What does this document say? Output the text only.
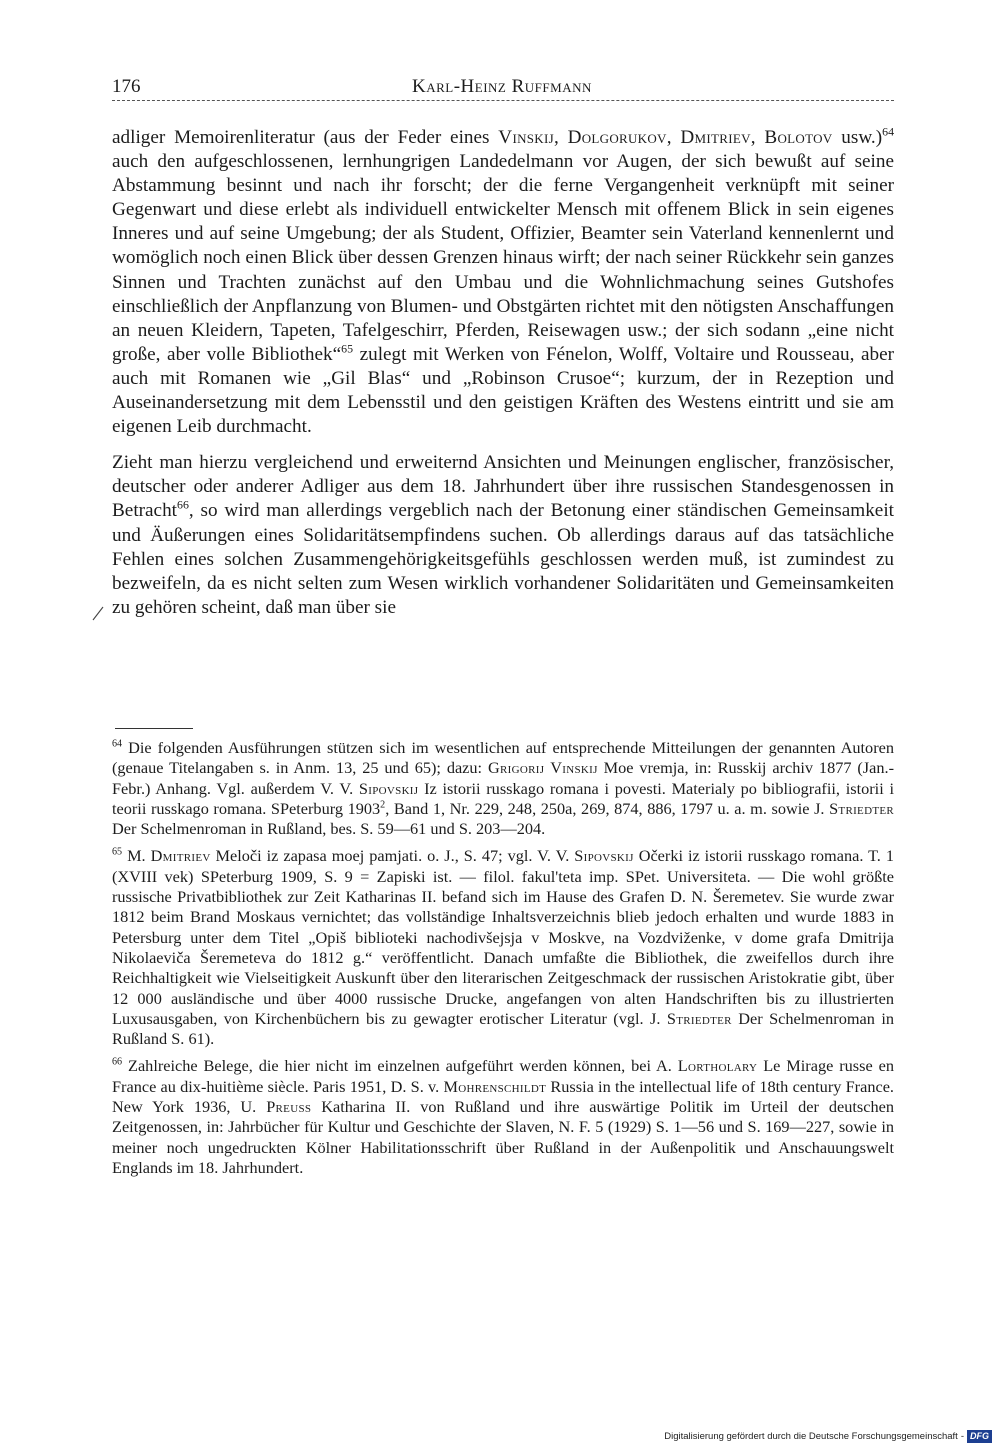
176	Karl-Heinz Ruffmann

adliger Memoirenliteratur (aus der Feder eines Vinskij, Dolgorukov, Dmitriev, Bolotov usw.)$^{64}$ auch den aufgeschlossenen, lernhungrigen Landedelmann vor Augen, der sich bewußt auf seine Abstammung besinnt und nach ihr forscht; der die ferne Vergangenheit verknüpft mit seiner Gegenwart und diese erlebt als individuell entwickelter Mensch mit offenem Blick in sein eigenes Inneres und auf seine Umgebung; der als Student, Offizier, Beamter sein Vaterland kennenlernt und womöglich noch einen Blick über dessen Grenzen hinaus wirft; der nach seiner Rückkehr sein ganzes Sinnen und Trachten zunächst auf den Umbau und die Wohnlichmachung seines Gutshofes einschließlich der Anpflanzung von Blumen- und Obstgärten richtet mit den nötigsten Anschaffungen an neuen Kleidern, Tapeten, Tafelgeschirr, Pferden, Reisewagen usw.; der sich sodann „eine nicht große, aber volle Bibliothek“$^{65}$ zulegt mit Werken von Fénelon, Wolff, Voltaire und Rousseau, aber auch mit Romanen wie „Gil Blas“ und „Robinson Crusoe“; kurzum, der in Rezeption und Auseinandersetzung mit dem Lebensstil und den geistigen Kräften des Westens eintritt und sie am eigenen Leib durchmacht.

Zieht man hierzu vergleichend und erweiternd Ansichten und Meinungen englischer, französischer, deutscher oder anderer Adliger aus dem 18. Jahrhundert über ihre russischen Standesgenossen in Betracht$^{66}$, so wird man allerdings vergeblich nach der Betonung einer ständischen Gemeinsamkeit und Äußerungen eines Solidaritätsempfindens suchen. Ob allerdings daraus auf das tatsächliche Fehlen eines solchen Zusammengehörigkeitsgefühls geschlossen werden muß, ist zumindest zu bezweifeln, da es nicht selten zum Wesen wirklich vorhandener Solidaritäten und Gemeinsamkeiten zu gehören scheint, daß man über sie

$^{64}$ Die folgenden Ausführungen stützen sich im wesentlichen auf entsprechende Mitteilungen der genannten Autoren (genaue Titelangaben s. in Anm. 13, 25 und 65); dazu: Grigorij Vinskij Moe vremja, in: Russkij archiv 1877 (Jan.-Febr.) Anhang. Vgl. außerdem V. V. Sipovskij Iz istorii russkago romana i povesti. Materialy po bibliografii, istorii i teorii russkago romana. SPeterburg 1903$^2$, Band 1, Nr. 229, 248, 250a, 269, 874, 886, 1797 u. a. m. sowie J. Striedter Der Schelmenroman in Rußland, bes. S. 59—61 und S. 203—204.

$^{65}$ M. Dmitriev Meloči iz zapasa moej pamjati. o. J., S. 47; vgl. V. V. Sipovskij Očerki iz istorii russkago romana. T. 1 (XVIII vek) SPeterburg 1909, S. 9 = Zapiski ist. — filol. fakul'teta imp. SPet. Universiteta. — Die wohl größte russische Privatbibliothek zur Zeit Katharinas II. befand sich im Hause des Grafen D. N. Šeremetev. Sie wurde zwar 1812 beim Brand Moskaus vernichtet; das vollständige Inhaltsverzeichnis blieb jedoch erhalten und wurde 1883 in Petersburg unter dem Titel „Opiš biblioteki nachodivšejsja v Moskve, na Vozdviženke, v dome grafa Dmitrija Nikolaeviča Šeremeteva do 1812 g.“ veröffentlicht. Danach umfaßte die Bibliothek, die zweifellos durch ihre Reichhaltigkeit wie Vielseitigkeit Auskunft über den literarischen Zeitgeschmack der russischen Aristokratie gibt, über 12 000 ausländische und über 4000 russische Drucke, angefangen von alten Handschriften bis zu illustrierten Luxusausgaben, von Kirchenbüchern bis zu gewagter erotischer Literatur (vgl. J. Striedter Der Schelmenroman in Rußland S. 61).

$^{66}$ Zahlreiche Belege, die hier nicht im einzelnen aufgeführt werden können, bei A. Lortholary Le Mirage russe en France au dix-huitième siècle. Paris 1951, D. S. v. Mohrenschildt Russia in the intellectual life of 18th century France. New York 1936, U. Preuss Katharina II. von Rußland und ihre auswärtige Politik im Urteil der deutschen Zeitgenossen, in: Jahrbücher für Kultur und Geschichte der Slaven, N. F. 5 (1929) S. 1—56 und S. 169—227, sowie in meiner noch ungedruckten Kölner Habilitationsschrift über Rußland in der Außenpolitik und Anschauungswelt Englands im 18. Jahrhundert.

Digitalisierung gefördert durch die Deutsche Forschungsgemeinschaft - DFG
